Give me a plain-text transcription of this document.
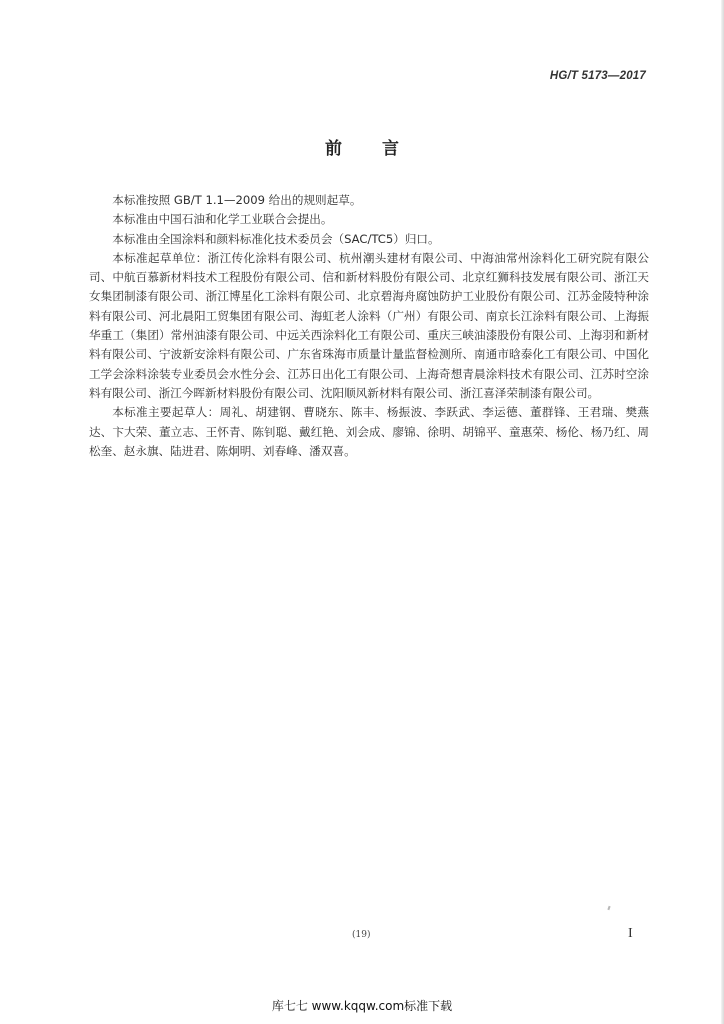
HG/T 5173—2017
前言

本标准按照 GB/T 1.1—2009 给出的规则起草。

本标准由中国石油和化学工业联合会提出。

本标准由全国涂料和颜料标准化技术委员会（SAC/TC5）归口。

本标准起草单位：浙江传化涂料有限公司、杭州潮头建材有限公司、中海油常州涂料化工研究院有限公司、中航百慕新材料技术工程股份有限公司、信和新材料股份有限公司、北京红狮科技发展有限公司、浙江天女集团制漆有限公司、浙江博星化工涂料有限公司、北京碧海舟腐蚀防护工业股份有限公司、江苏金陵特种涂料有限公司、河北晨阳工贸集团有限公司、海虹老人涂料（广州）有限公司、南京长江涂料有限公司、上海振华重工（集团）常州油漆有限公司、中远关西涂料化工有限公司、重庆三峡油漆股份有限公司、上海羽和新材料有限公司、宁波新安涂料有限公司、广东省珠海市质量计量监督检测所、南通市晗泰化工有限公司、中国化工学会涂料涂装专业委员会水性分会、江苏日出化工有限公司、上海奇想青晨涂料技术有限公司、江苏时空涂料有限公司、浙江今晖新材料股份有限公司、沈阳顺风新材料有限公司、浙江喜泽荣制漆有限公司。

本标准主要起草人：周礼、胡建钢、曹晓东、陈丰、杨振波、李跃武、李运德、董群锋、王君瑞、樊燕达、卞大荣、董立志、王怀青、陈钊聪、戴红艳、刘会成、廖锦、徐明、胡锦平、童惠荣、杨伦、杨乃红、周松奎、赵永旗、陆进君、陈炯明、刘春峰、潘双喜。

(19)	I
库七七 www.kqqw.com标准下载
